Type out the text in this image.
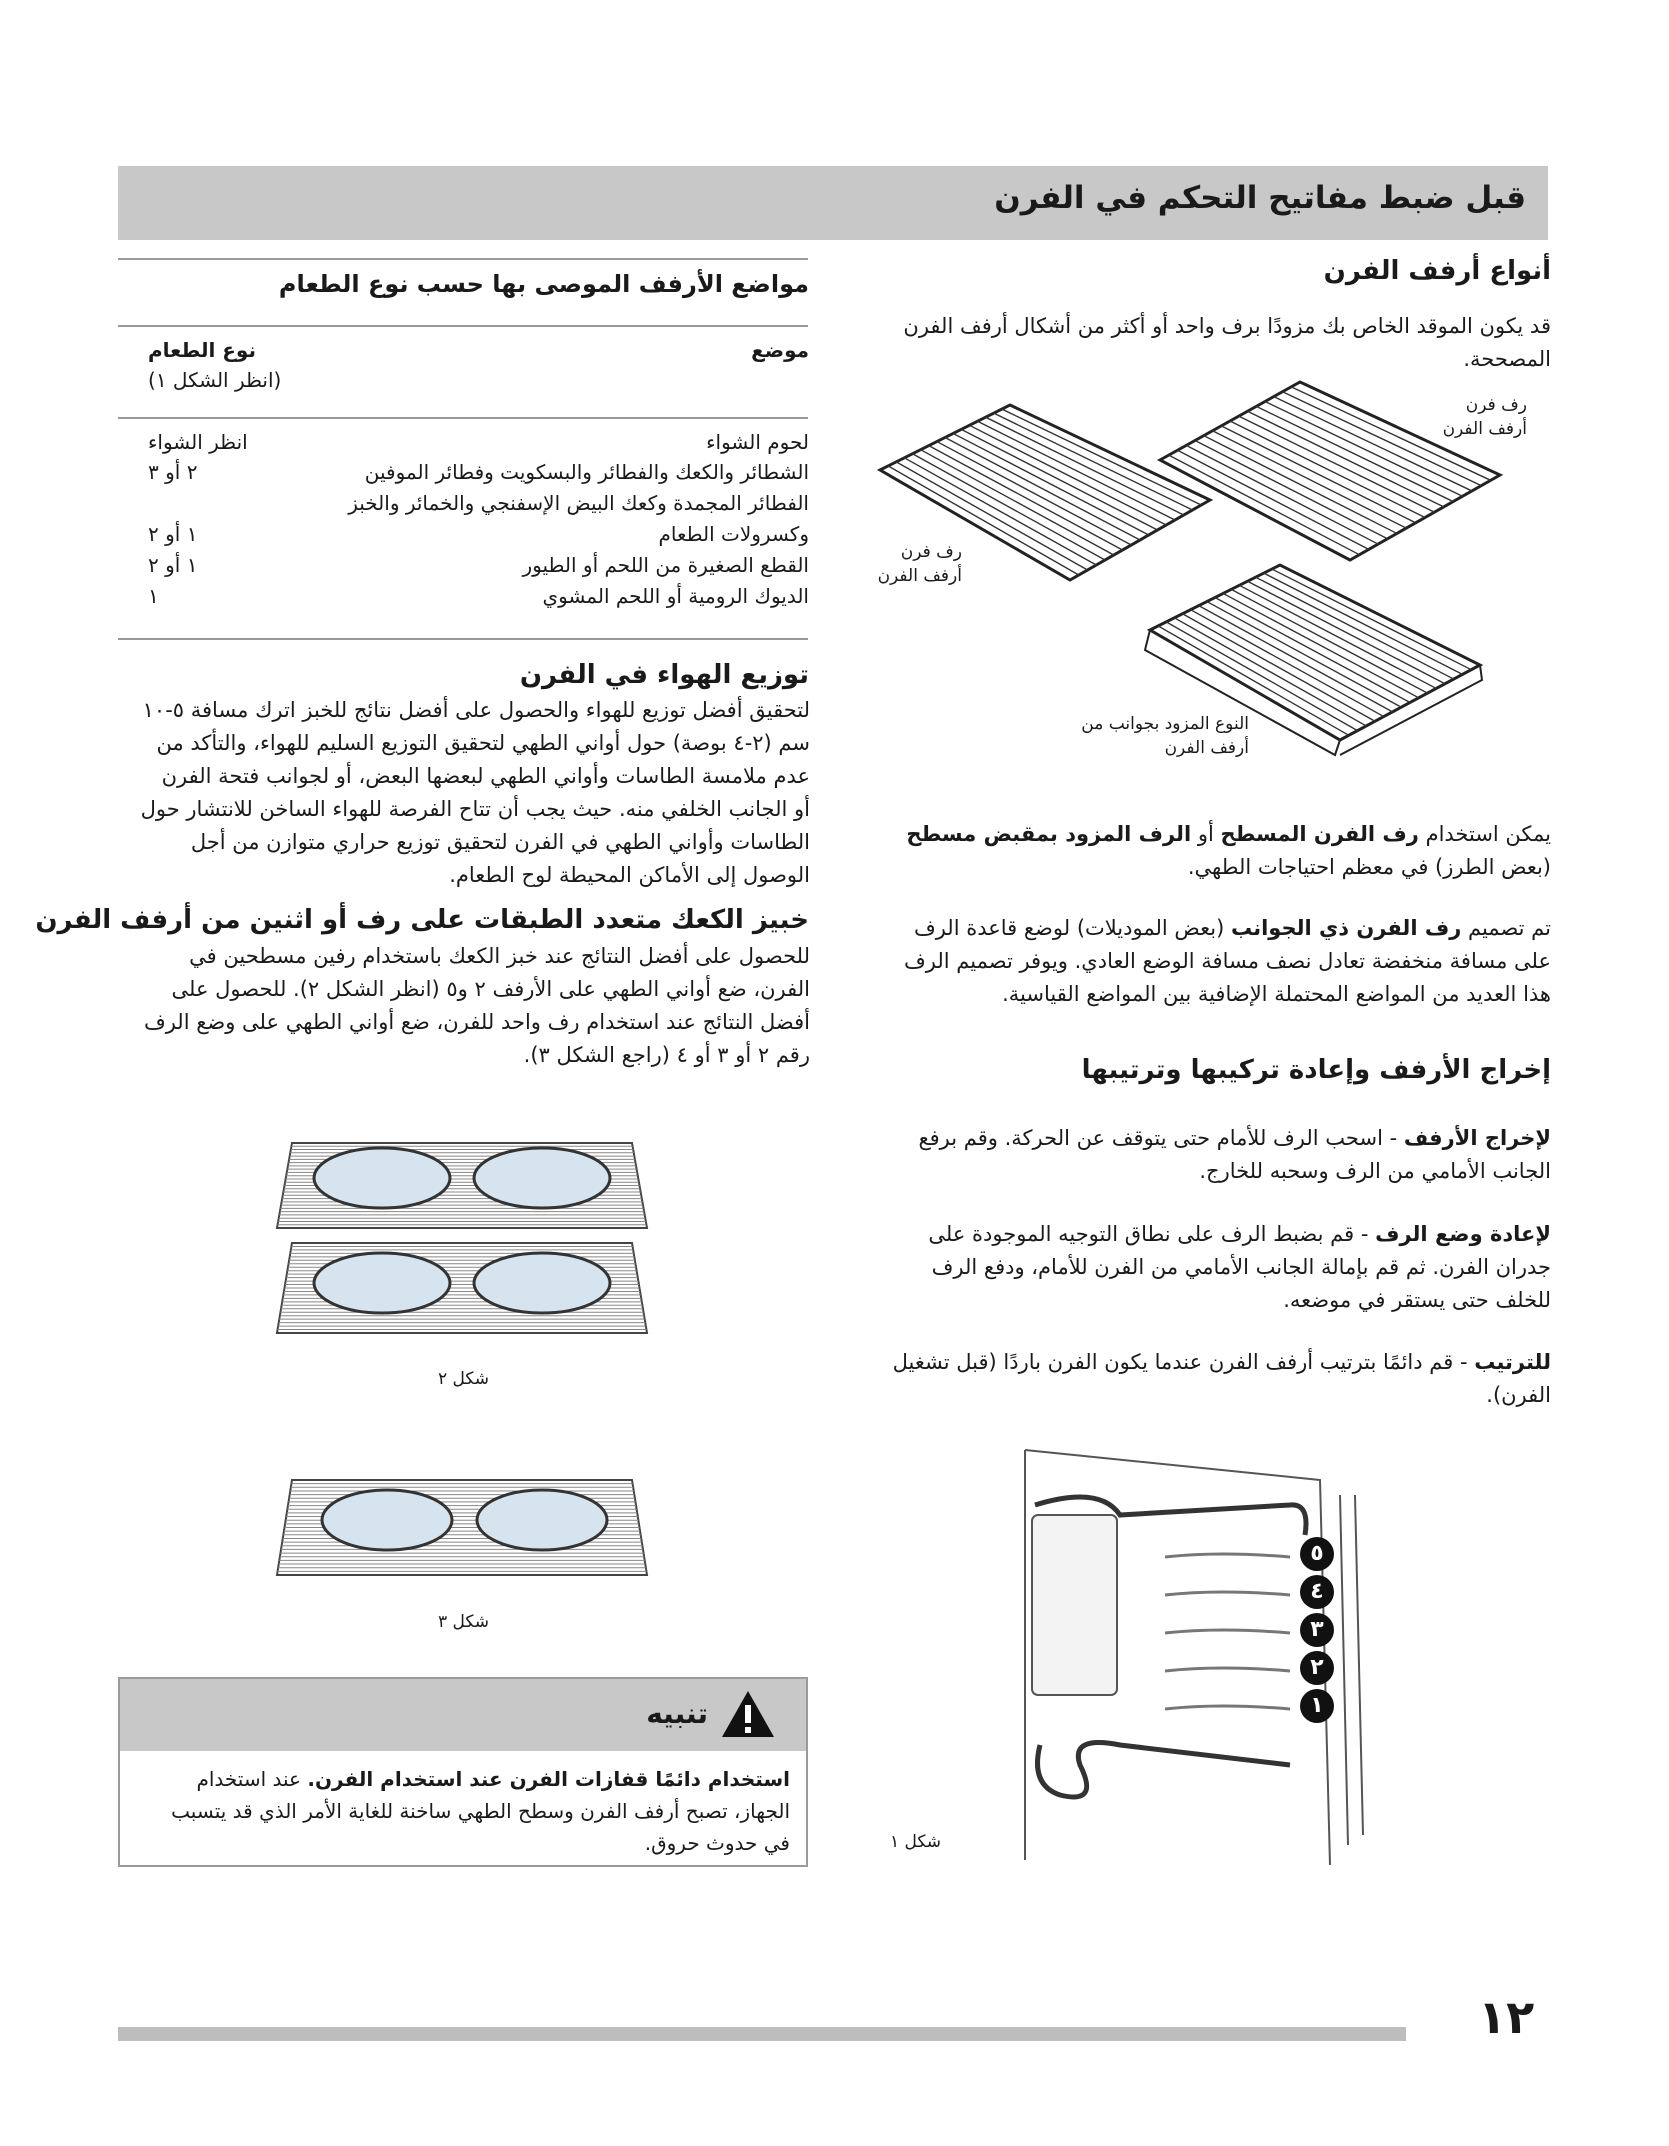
قبل ضبط مفاتيح التحكم في الفرن
أنواع أرفف الفرن
قد يكون الموقد الخاص بك مزودًا برف واحد أو أكثر من أشكال أرفف الفرن المصححة.
رف فرن
أرفف الفرن
رف فرن
أرفف الفرن
النوع المزود بجوانب من
أرفف الفرن
يمكن استخدام رف الفرن المسطح أو الرف المزود بمقبض مسطح (بعض الطرز) في معظم احتياجات الطهي.
تم تصميم رف الفرن ذي الجوانب (بعض الموديلات) لوضع قاعدة الرف على مسافة منخفضة تعادل نصف مسافة الوضع العادي. ويوفر تصميم الرف هذا العديد من المواضع المحتملة الإضافية بين المواضع القياسية.
إخراج الأرفف وإعادة تركيبها وترتيبها
لإخراج الأرفف - اسحب الرف للأمام حتى يتوقف عن الحركة. وقم برفع الجانب الأمامي من الرف وسحبه للخارج.
لإعادة وضع الرف - قم بضبط الرف على نطاق التوجيه الموجودة على جدران الفرن. ثم قم بإمالة الجانب الأمامي من الفرن للأمام، ودفع الرف للخلف حتى يستقر في موضعه.
للترتيب - قم دائمًا بترتيب أرفف الفرن عندما يكون الفرن باردًا (قبل تشغيل الفرن).
٥
٤
٣
٢
١
شكل ١
مواضع الأرفف الموصى بها حسب نوع الطعام
موضع
نوع الطعام
(انظر الشكل ١)
لحوم الشواء
انظر الشواء
الشطائر والكعك والفطائر والبسكويت وفطائر الموفين
٢ أو ٣
الفطائر المجمدة وكعك البيض الإسفنجي والخمائر والخبز
وكسرولات الطعام
١ أو ٢
القطع الصغيرة من اللحم أو الطيور
١ أو ٢
الديوك الرومية أو اللحم المشوي
١
توزيع الهواء في الفرن
لتحقيق أفضل توزيع للهواء والحصول على أفضل نتائج للخبز اترك مسافة ٥-١٠ سم (٢-٤ بوصة) حول أواني الطهي لتحقيق التوزيع السليم للهواء، والتأكد من عدم ملامسة الطاسات وأواني الطهي لبعضها البعض، أو لجوانب فتحة الفرن أو الجانب الخلفي منه. حيث يجب أن تتاح الفرصة للهواء الساخن للانتشار حول الطاسات وأواني الطهي في الفرن لتحقيق توزيع حراري متوازن من أجل الوصول إلى الأماكن المحيطة لوح الطعام.
خبيز الكعك متعدد الطبقات على رف أو اثنين من أرفف الفرن
للحصول على أفضل النتائج عند خبز الكعك باستخدام رفين مسطحين في الفرن، ضع أواني الطهي على الأرفف ٢ و٥ (انظر الشكل ٢). للحصول على أفضل النتائج عند استخدام رف واحد للفرن، ضع أواني الطهي على وضع الرف رقم ٢ أو ٣ أو ٤ (راجع الشكل ٣).
شكل ٢
شكل ٣
تنبيه
استخدام دائمًا قفازات الفرن عند استخدام الفرن. عند استخدام الجهاز، تصبح أرفف الفرن وسطح الطهي ساخنة للغاية الأمر الذي قد يتسبب في حدوث حروق.
١٢
